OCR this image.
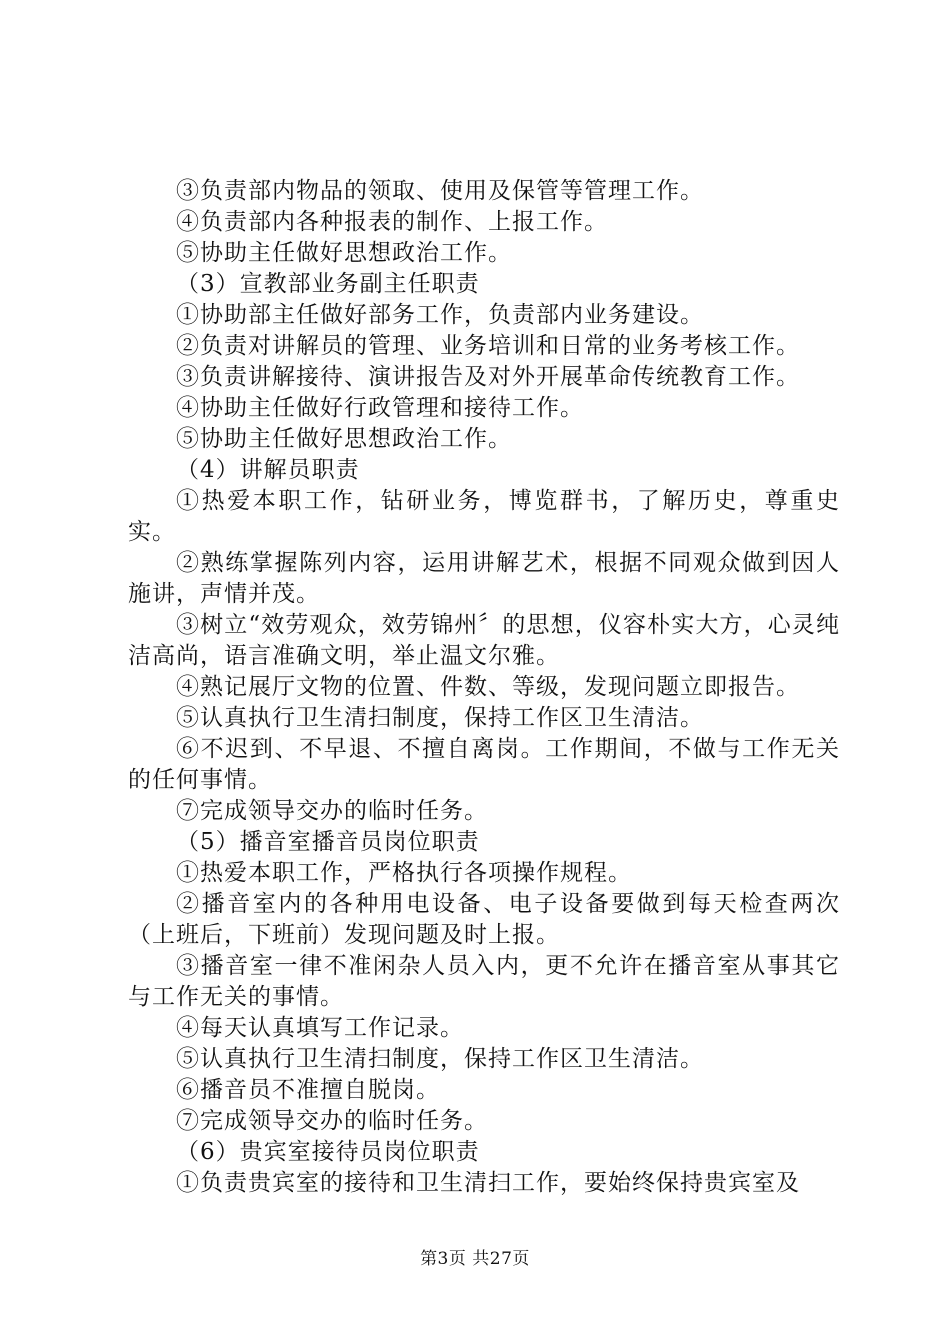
③负责部内物品的领取、使用及保管等管理工作。

④负责部内各种报表的制作、上报工作。

⑤协助主任做好思想政治工作。

（3）宣教部业务副主任职责

①协助部主任做好部务工作，负责部内业务建设。

②负责对讲解员的管理、业务培训和日常的业务考核工作。

③负责讲解接待、演讲报告及对外开展革命传统教育工作。

④协助主任做好行政管理和接待工作。

⑤协助主任做好思想政治工作。

（4）讲解员职责

①热爱本职工作，钻研业务，博览群书，了解历史，尊重史实。

②熟练掌握陈列内容，运用讲解艺术，根据不同观众做到因人施讲，声情并茂。

③树立“效劳观众，效劳锦州〞的思想，仪容朴实大方，心灵纯洁高尚，语言准确文明，举止温文尔雅。

④熟记展厅文物的位置、件数、等级，发现问题立即报告。

⑤认真执行卫生清扫制度，保持工作区卫生清洁。

⑥不迟到、不早退、不擅自离岗。工作期间，不做与工作无关的任何事情。

⑦完成领导交办的临时任务。

（5）播音室播音员岗位职责

①热爱本职工作，严格执行各项操作规程。

②播音室内的各种用电设备、电子设备要做到每天检查两次（上班后，下班前）发现问题及时上报。

③播音室一律不准闲杂人员入内，更不允许在播音室从事其它与工作无关的事情。

④每天认真填写工作记录。

⑤认真执行卫生清扫制度，保持工作区卫生清洁。

⑥播音员不准擅自脱岗。

⑦完成领导交办的临时任务。

（6）贵宾室接待员岗位职责

①负责贵宾室的接待和卫生清扫工作，要始终保持贵宾室及

第3页 共27页
